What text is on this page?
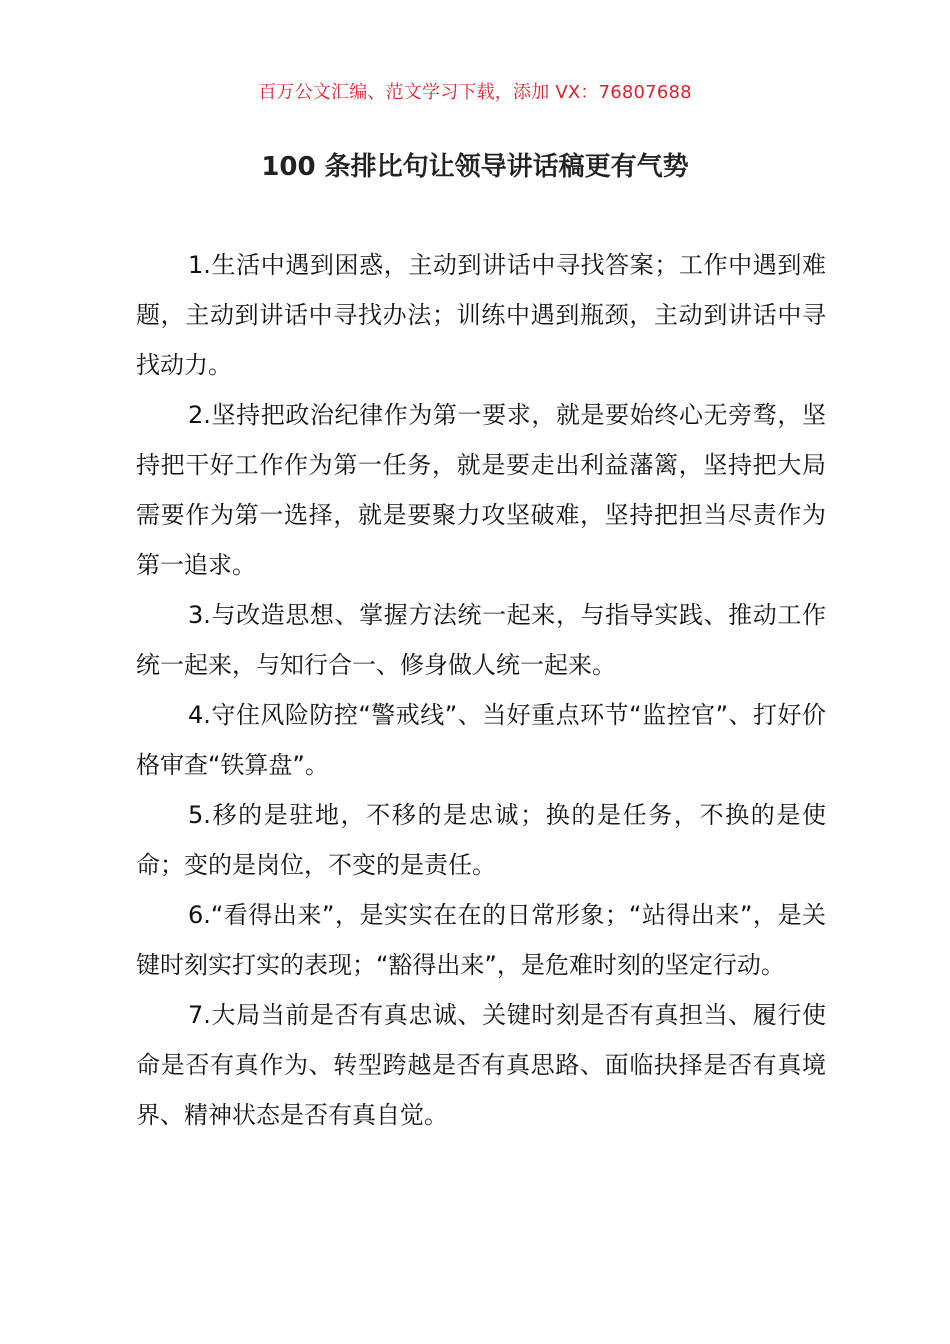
百万公文汇编、范文学习下载，添加 VX：76807688
100 条排比句让领导讲话稿更有气势

1.生活中遇到困惑，主动到讲话中寻找答案；工作中遇到难题，主动到讲话中寻找办法；训练中遇到瓶颈，主动到讲话中寻找动力。

2.坚持把政治纪律作为第一要求，就是要始终心无旁骛，坚持把干好工作作为第一任务，就是要走出利益藩篱，坚持把大局需要作为第一选择，就是要聚力攻坚破难，坚持把担当尽责作为第一追求。

3.与改造思想、掌握方法统一起来，与指导实践、推动工作统一起来，与知行合一、修身做人统一起来。

4.守住风险防控“警戒线”、当好重点环节“监控官”、打好价格审查“铁算盘”。

5.移的是驻地，不移的是忠诚；换的是任务，不换的是使命；变的是岗位，不变的是责任。

6.“看得出来”，是实实在在的日常形象；“站得出来”，是关键时刻实打实的表现；“豁得出来”，是危难时刻的坚定行动。

7.大局当前是否有真忠诚、关键时刻是否有真担当、履行使命是否有真作为、转型跨越是否有真思路、面临抉择是否有真境界、精神状态是否有真自觉。
